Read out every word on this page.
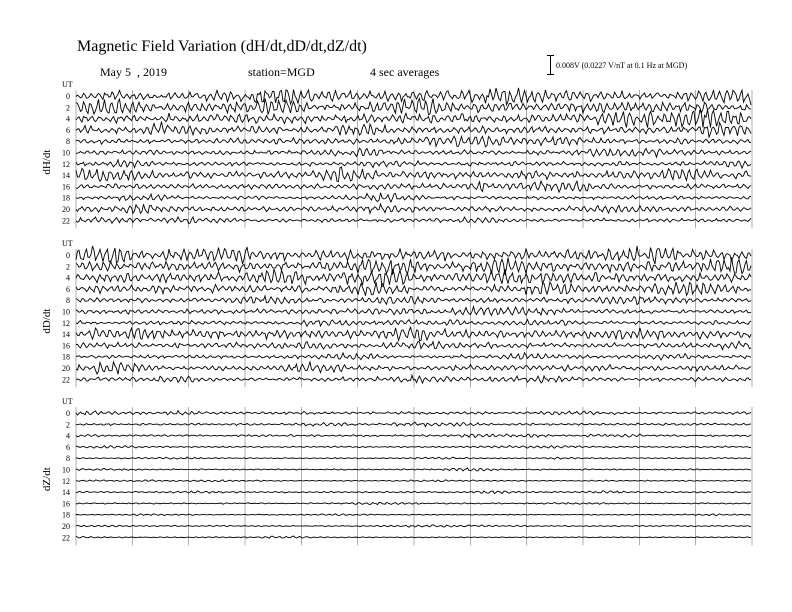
Magnetic Field Variation (dH/dt,dD/dt,dZ/dt)
May 5  , 2019	station=MGD	4 sec averages	0.008V (0.0227 V/nT at 0.1 Hz at MGD)
UT
dH/dt
0
2
4
6
8
10
12
14
16
18
20
22
UT
dD/dt
0
2
4
6
8
10
12
14
16
18
20
22
UT
dZ/dt
0
2
4
6
8
10
12
14
16
18
20
22
